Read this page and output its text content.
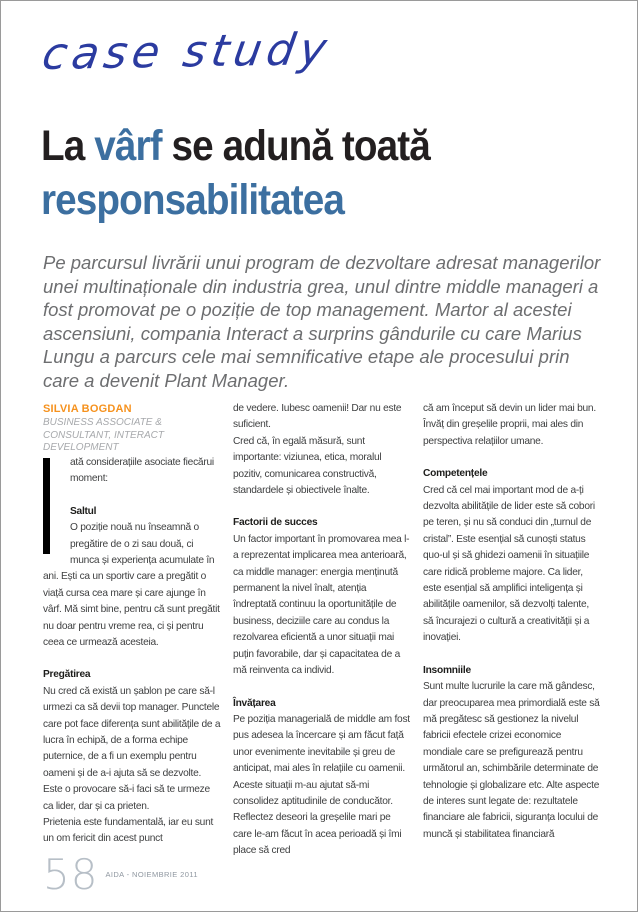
case study
La vârf se adună toată
responsabilitatea

Pe parcursul livrării unui program de dezvoltare adresat managerilor unei multinaționale din industria grea, unul dintre middle manageri a fost promovat pe o poziție de top management. Martor al acestei ascensiuni, compania Interact a surprins gândurile cu care Marius Lungu a parcurs cele mai semnificative etape ale procesului prin care a devenit Plant Manager.

SILVIA BOGDAN

BUSINESS ASSOCIATE & CONSULTANT, INTERACT DEVELOPMENT

ată considerațiile asociate fiecărui moment:

Saltul

O poziție nouă nu înseamnă o pregătire de o zi sau două, ci munca și experiența acumulate în ani. Ești ca un sportiv care a pregătit o viață cursa cea mare și care ajunge în vârf. Mă simt bine, pentru că sunt pregătit nu doar pentru vreme rea, ci și pentru ceea ce urmează acesteia.

Pregătirea

Nu cred că există un șablon pe care să-l urmezi ca să devii top manager. Punctele care pot face diferența sunt abilitățile de a lucra în echipă, de a forma echipe puternice, de a fi un exemplu pentru oameni și de a-i ajuta să se dezvolte.

Este o provocare să-i faci să te urmeze ca lider, dar și ca prieten.

Prietenia este fundamentală, iar eu sunt un om fericit din acest punct

de vedere. Iubesc oamenii! Dar nu este suficient.

Cred că, în egală măsură, sunt importante: viziunea, etica, moralul pozitiv, comunicarea constructivă, standardele și obiectivele înalte.

Factorii de succes

Un factor important în promovarea mea l-a reprezentat implicarea mea anterioară, ca middle manager: energia menținută permanent la nivel înalt, atenția îndreptată continuu la oportunitățile de business, deciziile care au condus la rezolvarea eficientă a unor situații mai puțin favorabile, dar și capacitatea de a mă reinventa ca individ.

Învățarea

Pe poziția managerială de middle am fost pus adesea la încercare și am făcut față unor evenimente inevitabile și greu de anticipat, mai ales în relațiile cu oamenii. Aceste situații m-au ajutat să-mi consolidez aptitudinile de conducător. Reflectez deseori la greșelile mari pe care le-am făcut în acea perioadă și îmi place să cred

că am început să devin un lider mai bun. Învăț din greșelile proprii, mai ales din perspectiva relațiilor umane.

Competențele

Cred că cel mai important mod de a-ți dezvolta abilitățile de lider este să cobori pe teren, și nu să conduci din „turnul de cristal”. Este esențial să cunoști status quo-ul și să ghidezi oamenii în situațiile care ridică probleme majore. Ca lider, este esențial să amplifici inteligența și abilitățile oamenilor, să dezvolți talente, să încurajezi o cultură a creativității și a inovației.

Insomniile

Sunt multe lucrurile la care mă gândesc, dar preocuparea mea primordială este să mă pregătesc să gestionez la nivelul fabricii efectele crizei economice mondiale care se prefigurează pentru următorul an, schimbările determinate de tehnologie și globalizare etc. Alte aspecte de interes sunt legate de: rezultatele financiare ale fabricii, siguranța locului de muncă și stabilitatea financiară

58 AIDA - NOIEMBRIE 2011
